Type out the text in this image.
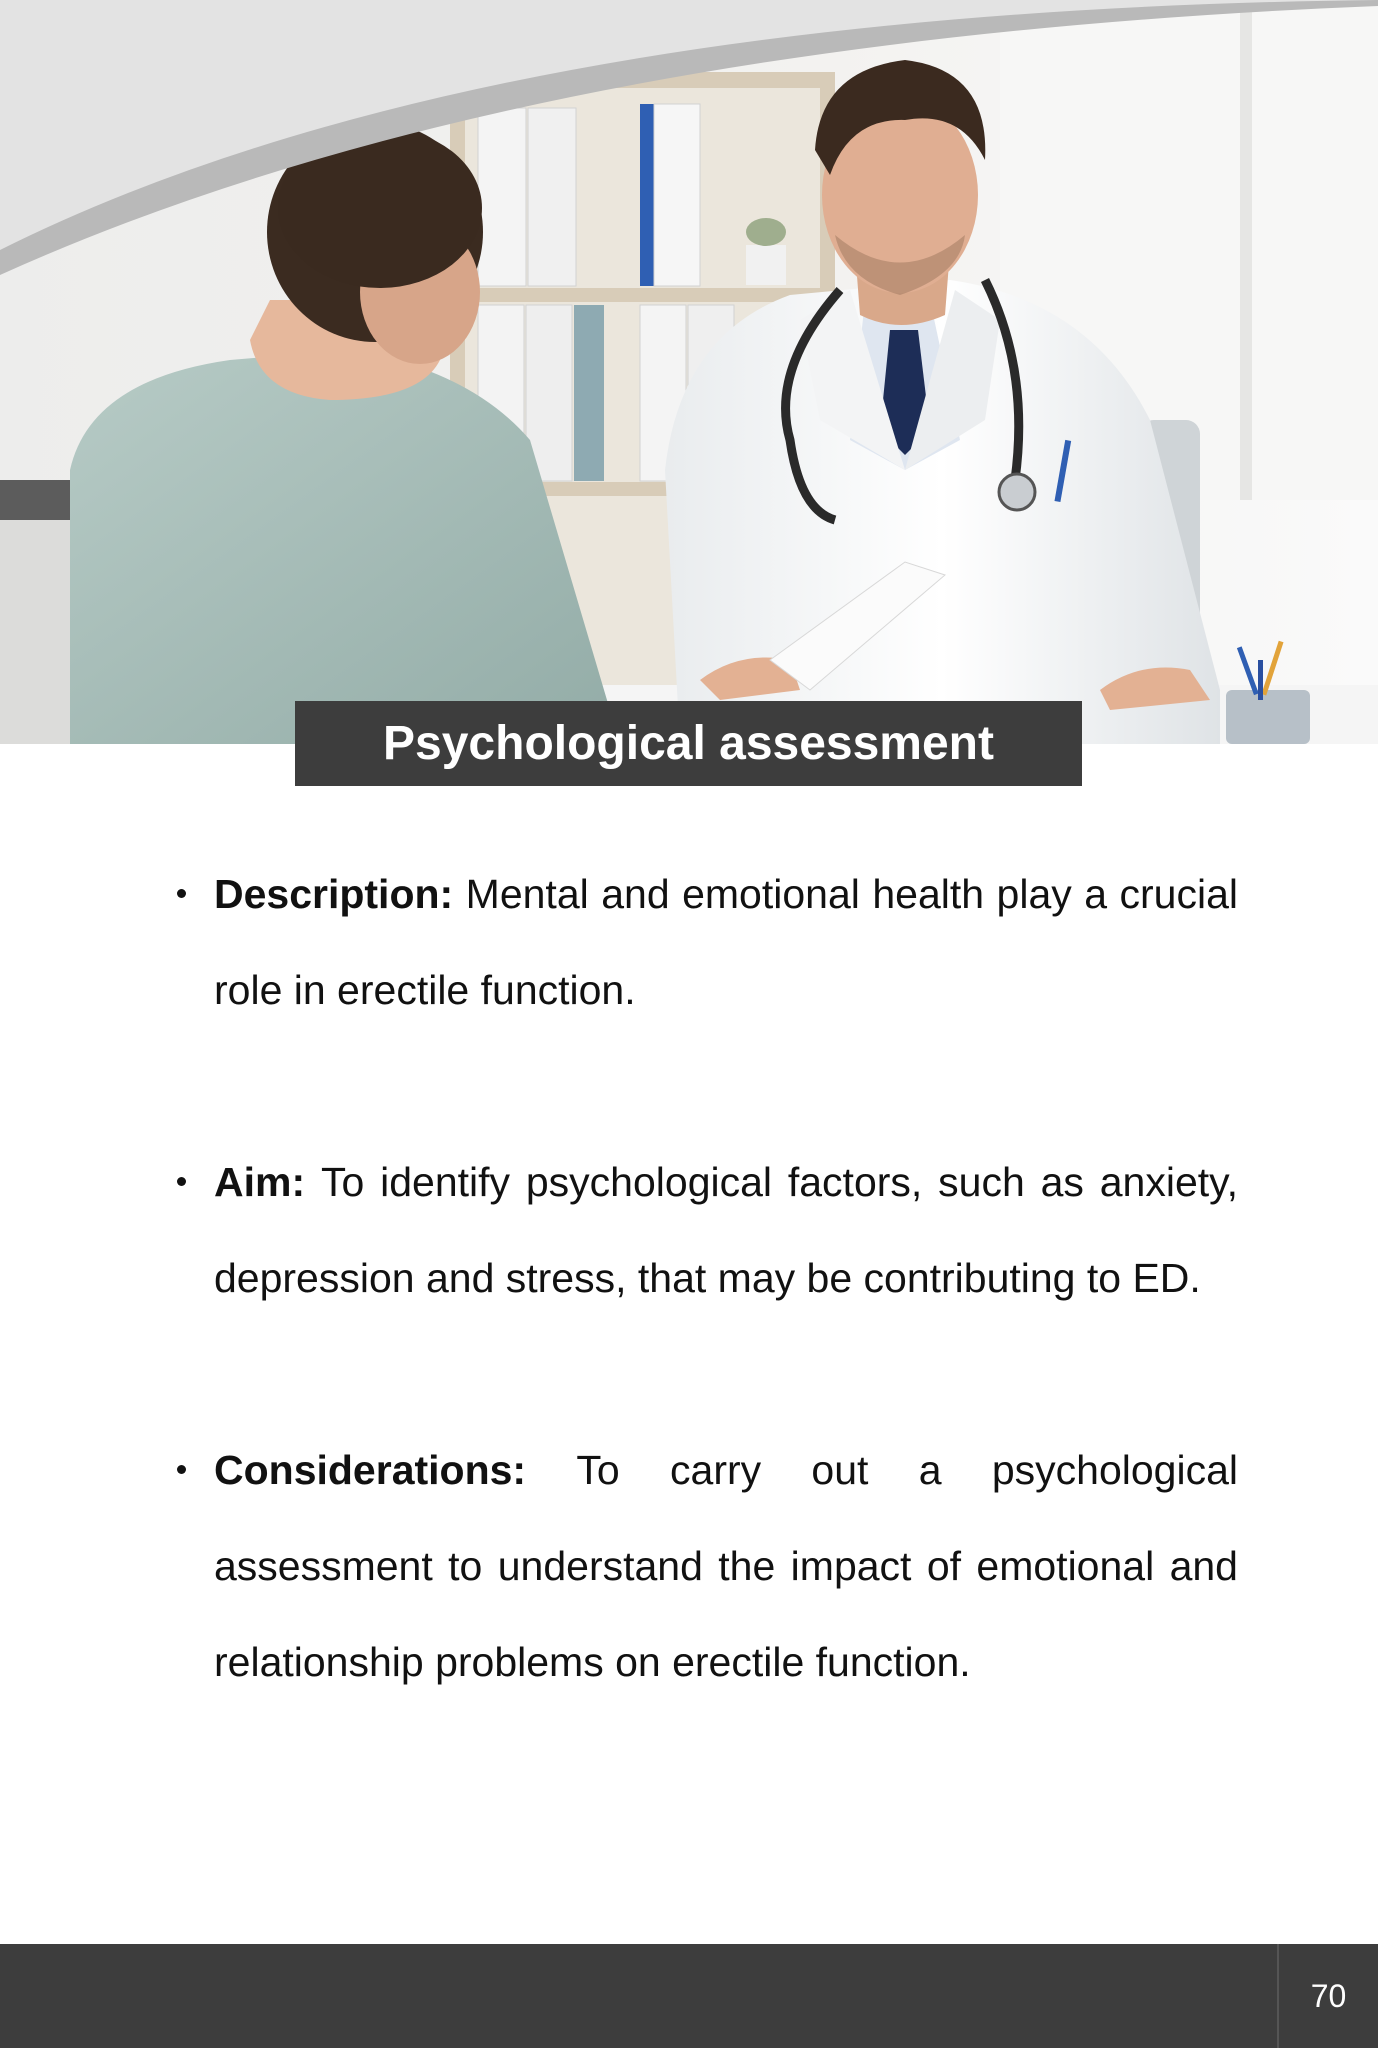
Psychological assessment
Description: Mental and emotional health play a crucial role in erectile function.
Aim: To identify psychological factors, such as anxiety, depression and stress, that may be contributing to ED.
Considerations: To carry out a psychological assessment to understand the impact of emotional and relationship problems on erectile function.
70
